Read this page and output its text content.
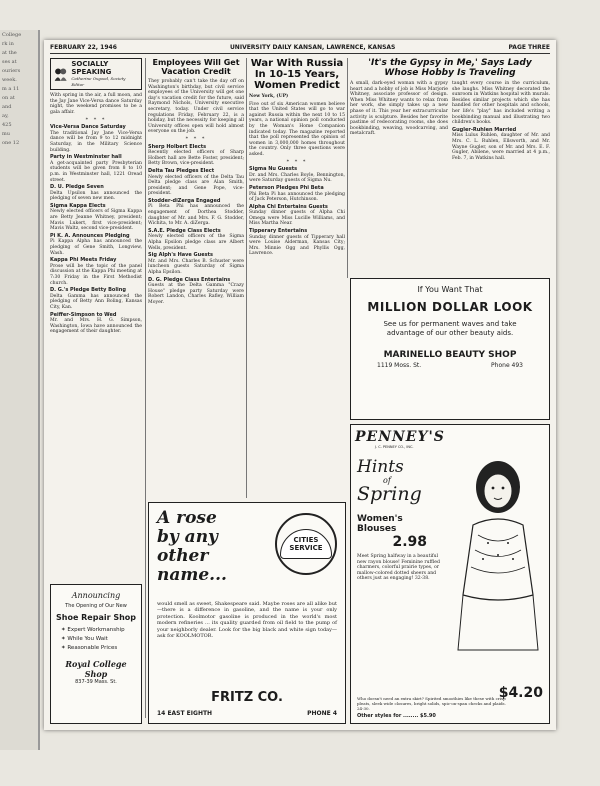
College

rk in

at the

ses at

ouriers

week.

m a 11

on at

and

ay,

425

mu

one 12

FEBRUARY 22, 1946	UNIVERSITY DAILY KANSAN, LAWRENCE, KANSAS	PAGE THREE
SOCIALLY SPEAKING
Catherine Osgood, Society Editor

With spring in the air, a full moon, and the Jay Jane Vice-Versa dance Saturday night, the weekend promises to be a gala affair.

* * *
Vice-Versa Dance Saturday

The traditional Jay Jane Vice-Versa dance will be from 9 to 12 midnight Saturday, in the Military Science building.

Party in Westminster hall

A get-acquainted party Presbyterian students will be given from 8 to 10 p.m. in Westminster hall, 1221 Oread street.

D. U. Pledge Seven

Delta Upsilon has announced the pledging of seven new men.

Sigma Kappa Elects

Newly elected officers of Sigma Kappa are Betty Jeanne Whitney, president; Mavis Lukert, first vice-president; Mavis Waltz, second vice-president.

Pi K. A. Announces Pledging

Pi Kappa Alpha has announced the pledging of Gene Smith, Longview, Wash.

Kappa Phi Meets Friday

Prose will be the topic of the panel discussion at the Kappa Phi meeting at 7:30 Friday in the First Methodist church.

D. G.'s Pledge Betty Boling

Delta Gamma has announced the pledging of Betty Ann Boling, Kansas City, Kan.

Peiffer-Simpson to Wed

Mr. and Mrs. H. G. Simpson, Washington, Iowa have announced the engagement of their daughter.

Employees Will Get Vacation Credit

They probably can't take the day off on Washington's birthday, but civil service employees of the University will get one day's vacation credit for the future, said Raymond Nichols, University executive secretary, today. Under civil service regulations Friday, February 22, is a holiday, but the necessity for keeping all University offices open will hold almost everyone on the job.

* * *
Sherp Holbert Elects

Recently elected officers of Sharp Holbert hall are Bette Foster, president; Betty Brown, vice-president.

Delta Tau Pledges Elect

Newly elected officers of the Delta Tau Delta pledge class are Alan Smith, president; and Gene Pope, vice-president.

Stodder-diZerga Engaged

Pi Beta Phi has announced the engagement of Dorthea Stodder, daughter of Mr. and Mrs. F. G. Stodder, Wichita, to Mr. A. diZerga.

S.A.E. Pledge Class Elects

Newly elected officers of the Sigma Alpha Epsilon pledge class are Albert Wells, president.

Sig Alph's Have Guests

Mr. and Mrs. Charles B. Schuster were luncheon guests Saturday of Sigma Alpha Epsilon.

D. G. Pledge Class Entertains

Guests at the Delta Gamma "Crazy House" pledge party Saturday were Robert Landon, Charles Rafley, William Moyer.

War With Russia In 10-15 Years, Women Predict

New York, (UP)

Five out of six American women believe that the United States will go to war against Russia within the next 10 to 15 years, a national opinion poll conducted by the Woman's Home Companion indicated today. The magazine reported that the poll represented the opinion of women in 3,000,000 homes throughout the country. Only three questions were asked.

* * *
Sigma Nu Guests

Dr. and Mrs. Charles Boyle, Bennington, were Saturday guests of Sigma Nu.

Peterson Pledges Phi Beta

Phi Beta Pi has announced the pledging of Jack Peterson, Hutchinson.

Alpha Chi Entertains Guests

Sunday dinner guests of Alpha Chi Omega were Miss Lucille Williams, and Miss Martha Near.

Tipperary Entertains

Sunday dinner guests of Tipperary hall were Louise Alderman, Kansas City; Mrs. Minnie Ogg and Phyllis Ogg, Lawrence.

'It's the Gypsy in Me,' Says Lady Whose Hobby Is Traveling

A small, dark-eyed woman with a gypsy heart and a hobby of job is Miss Marjorie Whitney, associate professor of design. When Miss Whitney wants to relax from her work, she simply takes up a new phase of it. This year her extracurricular activity is sculpture. Besides her favorite pastime of redecorating rooms, she does bookbinding, weaving, woodcarving, and metalcraft.

taught every course in the curriculum, she laughs. Miss Whitney decorated the sunroom in Watkins hospital with murals. Besides similar projects which she has handled for other hospitals and schools, her life's "play" has included writing a bookbinding manual and illustrating two children's books.

Gugler-Ruhlen Married

Miss Lulus Ruhlen, daughter of Mr. and Mrs. C. L. Ruhlen, Ellsworth, and Mr. Wayne Gugler, son of Mr. and Mrs. E. F. Gugler, Abilene, were married at 4 p.m., Feb. 7, in Watkins hall.

If You Want That
MILLION DOLLAR LOOK
See us for permanent waves and take advantage of our other beauty aids.
MARINELLO BEAUTY SHOP
1119 Moss. St.	Phone 493
PENNEY'S
J. C. PENNEY CO., INC.
Hints
of
Spring
Women's Blouses
2.98
Meet Spring halfway in a beautiful new rayon blouse! Feminine ruffled charmers, colorful prairie types, or mallow-colored dotted sheers and others just as engaging! 32-38.
$4.20
Who doesn't need an extra skirt? Spirited smoothies like these with crisp pleats, sleek wide closures, bright solids, spic-on-span checks and plaids. 24-30.
Other styles for ........ $5.90
A rose
by any
other
name...
CITIES
SERVICE
would smell as sweet, Shakespeare said. Maybe roses are all alike but—there is a difference in gasoline, and the name is your only protection. Koolmotor gasoline is produced in the world's most modern refineries ... its quality guarded from oil field to the pump of your neighborly dealer. Look for the big black and white sign today—ask for KOOLMOTOR.
FRITZ CO.
14 EAST EIGHTH	PHONE 4
Announcing
The Opening of Our New
Shoe Repair Shop
✶ Expert Workmanship
✶ While You Wait
✶ Reasonable Prices
Royal College Shop
837-39 Mass. St.
